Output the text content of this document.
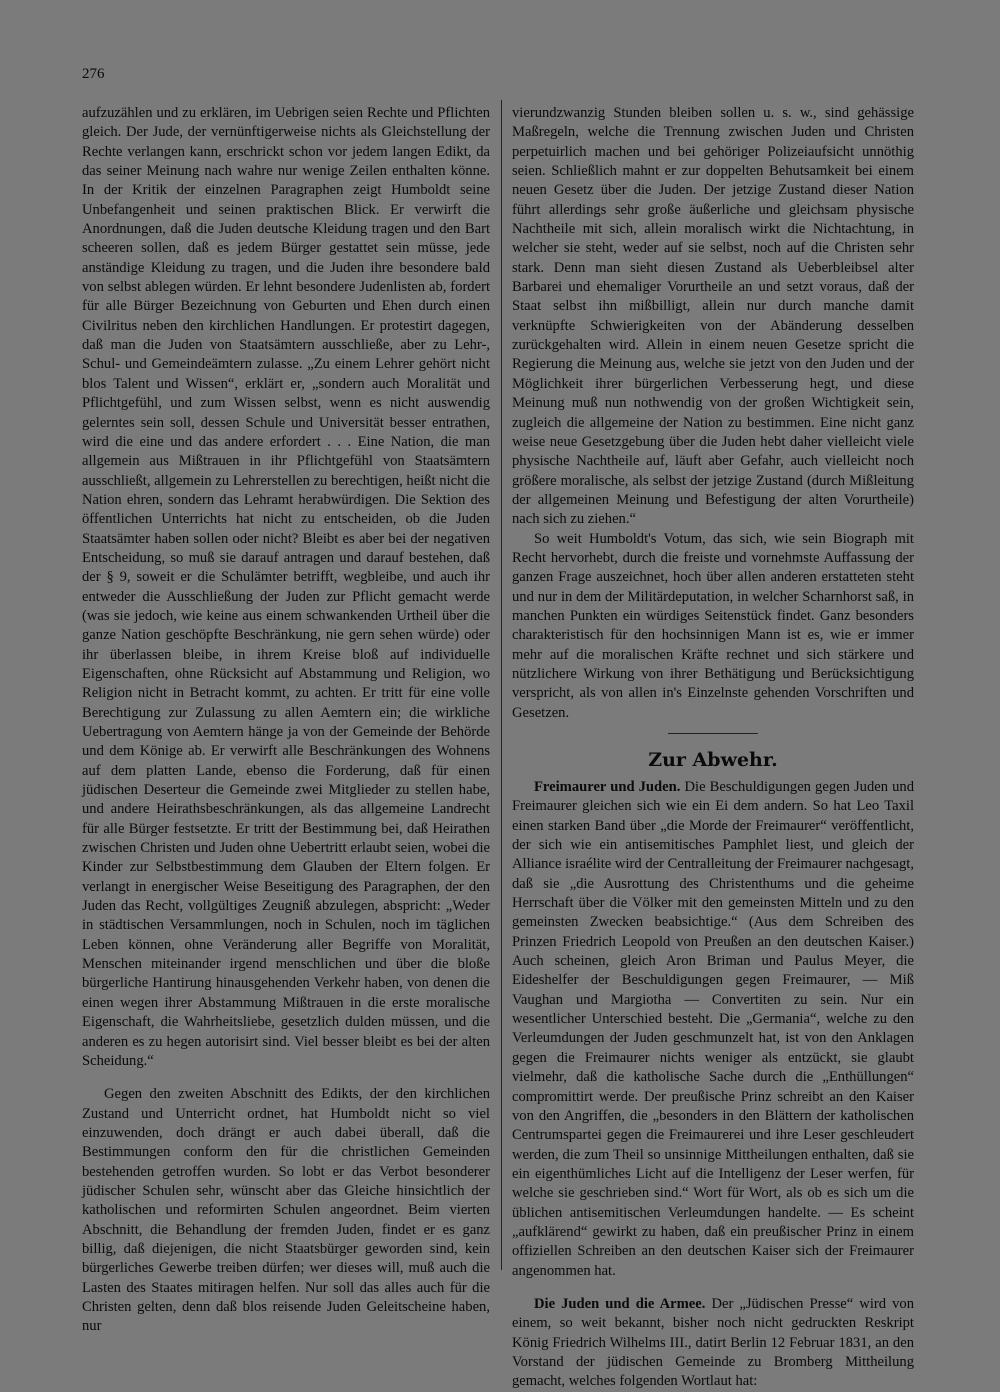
276

aufzuzählen und zu erklären, im Uebrigen seien Rechte und Pflichten gleich. Der Jude, der vernünftigerweise nichts als Gleichstellung der Rechte verlangen kann, erschrickt schon vor jedem langen Edikt, da das seiner Meinung nach wahre nur wenige Zeilen enthalten könne. In der Kritik der einzelnen Paragraphen zeigt Humboldt seine Unbefangenheit und seinen praktischen Blick. Er verwirft die Anordnungen, daß die Juden deutsche Kleidung tragen und den Bart scheeren sollen, daß es jedem Bürger gestattet sein müsse, jede anständige Kleidung zu tragen, und die Juden ihre besondere bald von selbst ablegen würden. Er lehnt besondere Judenlisten ab, fordert für alle Bürger Bezeichnung von Geburten und Ehen durch einen Civilritus neben den kirchlichen Handlungen. Er protestirt dagegen, daß man die Juden von Staatsämtern ausschließe, aber zu Lehr-, Schul- und Gemeindeämtern zulasse. „Zu einem Lehrer gehört nicht blos Talent und Wissen“, erklärt er, „sondern auch Moralität und Pflichtgefühl, und zum Wissen selbst, wenn es nicht auswendig gelerntes sein soll, dessen Schule und Universität besser entrathen, wird die eine und das andere erfordert . . . Eine Nation, die man allgemein aus Mißtrauen in ihr Pflichtgefühl von Staatsämtern ausschließt, allgemein zu Lehrerstellen zu berechtigen, heißt nicht die Nation ehren, sondern das Lehramt herabwürdigen. Die Sektion des öffentlichen Unterrichts hat nicht zu entscheiden, ob die Juden Staatsämter haben sollen oder nicht? Bleibt es aber bei der negativen Entscheidung, so muß sie darauf antragen und darauf bestehen, daß der § 9, soweit er die Schulämter betrifft, wegbleibe, und auch ihr entweder die Ausschließung der Juden zur Pflicht gemacht werde (was sie jedoch, wie keine aus einem schwankenden Urtheil über die ganze Nation geschöpfte Beschränkung, nie gern sehen würde) oder ihr überlassen bleibe, in ihrem Kreise bloß auf individuelle Eigenschaften, ohne Rücksicht auf Abstammung und Religion, wo Religion nicht in Betracht kommt, zu achten. Er tritt für eine volle Berechtigung zur Zulassung zu allen Aemtern ein; die wirkliche Uebertragung von Aemtern hänge ja von der Gemeinde der Behörde und dem Könige ab. Er verwirft alle Beschränkungen des Wohnens auf dem platten Lande, ebenso die Forderung, daß für einen jüdischen Deserteur die Gemeinde zwei Mitglieder zu stellen habe, und andere Heirathsbeschränkungen, als das allgemeine Landrecht für alle Bürger festsetzte. Er tritt der Bestimmung bei, daß Heirathen zwischen Christen und Juden ohne Uebertritt erlaubt seien, wobei die Kinder zur Selbstbestimmung dem Glauben der Eltern folgen. Er verlangt in energischer Weise Beseitigung des Paragraphen, der den Juden das Recht, vollgültiges Zeugniß abzulegen, abspricht: „Weder in städtischen Versammlungen, noch in Schulen, noch im täglichen Leben können, ohne Veränderung aller Begriffe von Moralität, Menschen miteinander irgend menschlichen und über die bloße bürgerliche Hantirung hinausgehenden Verkehr haben, von denen die einen wegen ihrer Abstammung Mißtrauen in die erste moralische Eigenschaft, die Wahrheitsliebe, gesetzlich dulden müssen, und die anderen es zu hegen autorisirt sind. Viel besser bleibt es bei der alten Scheidung.“

Gegen den zweiten Abschnitt des Edikts, der den kirchlichen Zustand und Unterricht ordnet, hat Humboldt nicht so viel einzuwenden, doch drängt er auch dabei überall, daß die Bestimmungen conform den für die christlichen Gemeinden bestehenden getroffen wurden. So lobt er das Verbot besonderer jüdischer Schulen sehr, wünscht aber das Gleiche hinsichtlich der katholischen und reformirten Schulen angeordnet. Beim vierten Abschnitt, die Behandlung der fremden Juden, findet er es ganz billig, daß diejenigen, die nicht Staatsbürger geworden sind, kein bürgerliches Gewerbe treiben dürfen; wer dieses will, muß auch die Lasten des Staates mitiragen helfen. Nur soll das alles auch für die Christen gelten, denn daß blos reisende Juden Geleitscheine haben, nur

vierundzwanzig Stunden bleiben sollen u. s. w., sind gehässige Maßregeln, welche die Trennung zwischen Juden und Christen perpetuirlich machen und bei gehöriger Polizeiaufsicht unnöthig seien. Schließlich mahnt er zur doppelten Behutsamkeit bei einem neuen Gesetz über die Juden. Der jetzige Zustand dieser Nation führt allerdings sehr große äußerliche und gleichsam physische Nachtheile mit sich, allein moralisch wirkt die Nichtachtung, in welcher sie steht, weder auf sie selbst, noch auf die Christen sehr stark. Denn man sieht diesen Zustand als Ueberbleibsel alter Barbarei und ehemaliger Vorurtheile an und setzt voraus, daß der Staat selbst ihn mißbilligt, allein nur durch manche damit verknüpfte Schwierigkeiten von der Abänderung desselben zurückgehalten wird. Allein in einem neuen Gesetze spricht die Regierung die Meinung aus, welche sie jetzt von den Juden und der Möglichkeit ihrer bürgerlichen Verbesserung hegt, und diese Meinung muß nun nothwendig von der großen Wichtigkeit sein, zugleich die allgemeine der Nation zu bestimmen. Eine nicht ganz weise neue Gesetzgebung über die Juden hebt daher vielleicht viele physische Nachtheile auf, läuft aber Gefahr, auch vielleicht noch größere moralische, als selbst der jetzige Zustand (durch Mißleitung der allgemeinen Meinung und Befestigung der alten Vorurtheile) nach sich zu ziehen.“

So weit Humboldt's Votum, das sich, wie sein Biograph mit Recht hervorhebt, durch die freiste und vornehmste Auffassung der ganzen Frage auszeichnet, hoch über allen anderen erstatteten steht und nur in dem der Militärdeputation, in welcher Scharnhorst saß, in manchen Punkten ein würdiges Seitenstück findet. Ganz besonders charakteristisch für den hochsinnigen Mann ist es, wie er immer mehr auf die moralischen Kräfte rechnet und sich stärkere und nützlichere Wirkung von ihrer Bethätigung und Berücksichtigung verspricht, als von allen in's Einzelnste gehenden Vorschriften und Gesetzen.

Zur Abwehr.

Freimaurer und Juden. Die Beschuldigungen gegen Juden und Freimaurer gleichen sich wie ein Ei dem andern. So hat Leo Taxil einen starken Band über „die Morde der Freimaurer“ veröffentlicht, der sich wie ein antisemitisches Pamphlet liest, und gleich der Alliance israélite wird der Centralleitung der Freimaurer nachgesagt, daß sie „die Ausrottung des Christenthums und die geheime Herrschaft über die Völker mit den gemeinsten Mitteln und zu den gemeinsten Zwecken beabsichtige.“ (Aus dem Schreiben des Prinzen Friedrich Leopold von Preußen an den deutschen Kaiser.) Auch scheinen, gleich Aron Briman und Paulus Meyer, die Eideshelfer der Beschuldigungen gegen Freimaurer, — Miß Vaughan und Margiotha — Convertiten zu sein. Nur ein wesentlicher Unterschied besteht. Die „Germania“, welche zu den Verleumdungen der Juden geschmunzelt hat, ist von den Anklagen gegen die Freimaurer nichts weniger als entzückt, sie glaubt vielmehr, daß die katholische Sache durch die „Enthüllungen“ compromittirt werde. Der preußische Prinz schreibt an den Kaiser von den Angriffen, die „besonders in den Blättern der katholischen Centrumspartei gegen die Freimaurerei und ihre Leser geschleudert werden, die zum Theil so unsinnige Mittheilungen enthalten, daß sie ein eigenthümliches Licht auf die Intelligenz der Leser werfen, für welche sie geschrieben sind.“ Wort für Wort, als ob es sich um die üblichen antisemitischen Verleumdungen handelte. — Es scheint „aufklärend“ gewirkt zu haben, daß ein preußischer Prinz in einem offiziellen Schreiben an den deutschen Kaiser sich der Freimaurer angenommen hat.

Die Juden und die Armee. Der „Jüdischen Presse“ wird von einem, so weit bekannt, bisher noch nicht gedruckten Reskript König Friedrich Wilhelms III., datirt Berlin 12 Februar 1831, an den Vorstand der jüdischen Gemeinde zu Bromberg Mittheilung gemacht, welches folgenden Wortlaut hat:
